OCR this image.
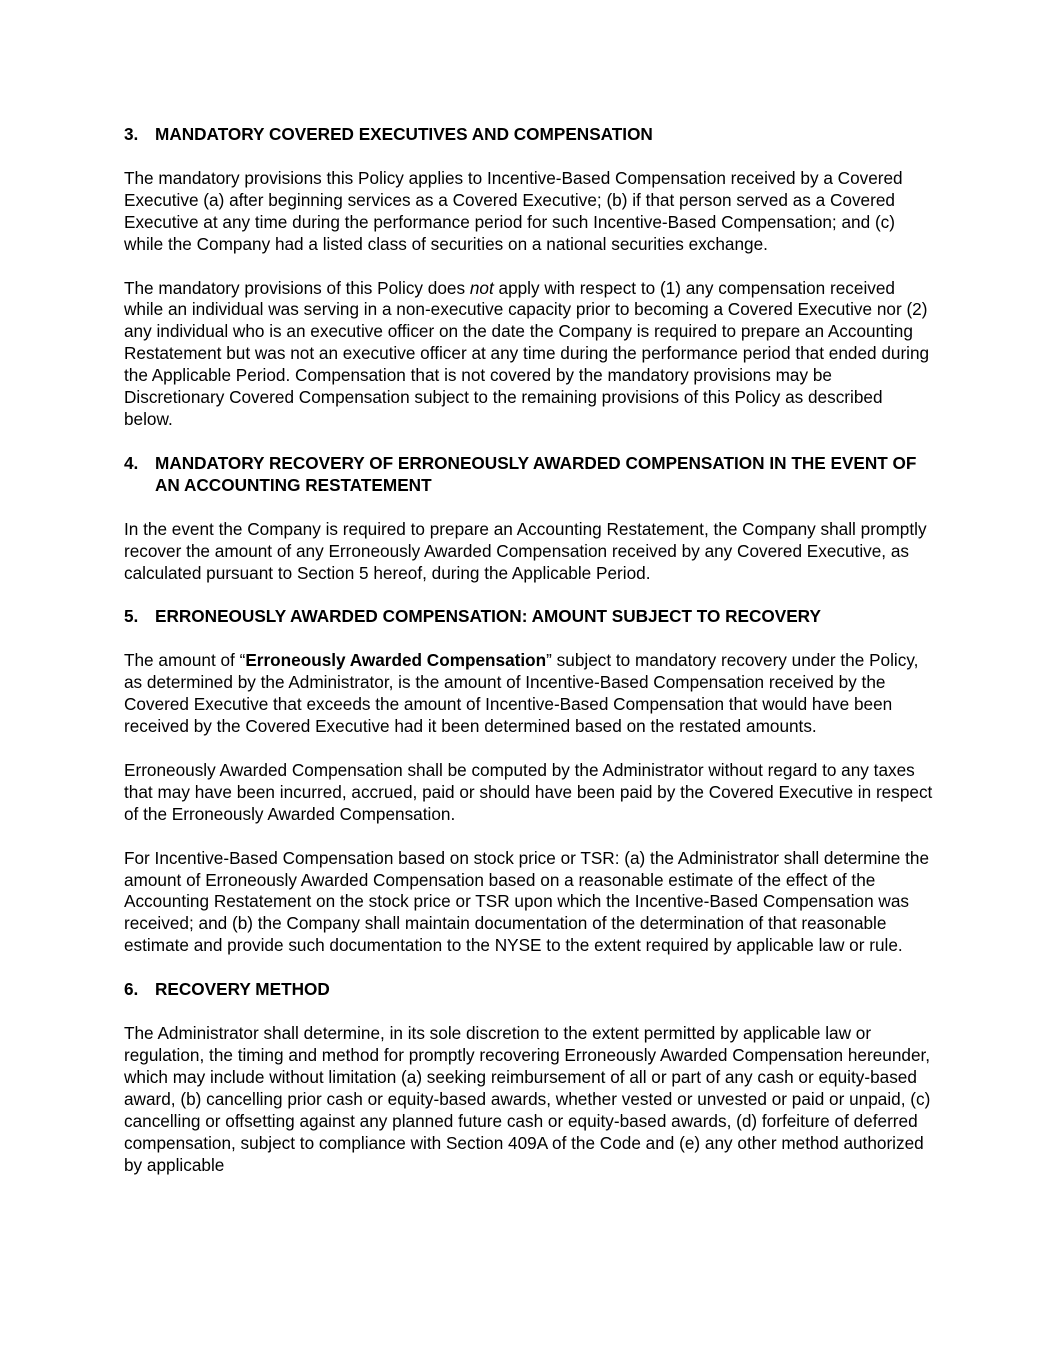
3. MANDATORY COVERED EXECUTIVES AND COMPENSATION

The mandatory provisions this Policy applies to Incentive-Based Compensation received by a Covered Executive (a) after beginning services as a Covered Executive; (b) if that person served as a Covered Executive at any time during the performance period for such Incentive-Based Compensation; and (c) while the Company had a listed class of securities on a national securities exchange.

The mandatory provisions of this Policy does not apply with respect to (1) any compensation received while an individual was serving in a non-executive capacity prior to becoming a Covered Executive nor (2) any individual who is an executive officer on the date the Company is required to prepare an Accounting Restatement but was not an executive officer at any time during the performance period that ended during the Applicable Period. Compensation that is not covered by the mandatory provisions may be Discretionary Covered Compensation subject to the remaining provisions of this Policy as described below.

4. MANDATORY RECOVERY OF ERRONEOUSLY AWARDED COMPENSATION IN THE EVENT OF AN ACCOUNTING RESTATEMENT

In the event the Company is required to prepare an Accounting Restatement, the Company shall promptly recover the amount of any Erroneously Awarded Compensation received by any Covered Executive, as calculated pursuant to Section 5 hereof, during the Applicable Period.

5. ERRONEOUSLY AWARDED COMPENSATION: AMOUNT SUBJECT TO RECOVERY

The amount of “Erroneously Awarded Compensation” subject to mandatory recovery under the Policy, as determined by the Administrator, is the amount of Incentive-Based Compensation received by the Covered Executive that exceeds the amount of Incentive-Based Compensation that would have been received by the Covered Executive had it been determined based on the restated amounts.

Erroneously Awarded Compensation shall be computed by the Administrator without regard to any taxes that may have been incurred, accrued, paid or should have been paid by the Covered Executive in respect of the Erroneously Awarded Compensation.

For Incentive-Based Compensation based on stock price or TSR: (a) the Administrator shall determine the amount of Erroneously Awarded Compensation based on a reasonable estimate of the effect of the Accounting Restatement on the stock price or TSR upon which the Incentive-Based Compensation was received; and (b) the Company shall maintain documentation of the determination of that reasonable estimate and provide such documentation to the NYSE to the extent required by applicable law or rule.

6. RECOVERY METHOD

The Administrator shall determine, in its sole discretion to the extent permitted by applicable law or regulation, the timing and method for promptly recovering Erroneously Awarded Compensation hereunder, which may include without limitation (a) seeking reimbursement of all or part of any cash or equity-based award, (b) cancelling prior cash or equity-based awards, whether vested or unvested or paid or unpaid, (c) cancelling or offsetting against any planned future cash or equity-based awards, (d) forfeiture of deferred compensation, subject to compliance with Section 409A of the Code and (e) any other method authorized by applicable
